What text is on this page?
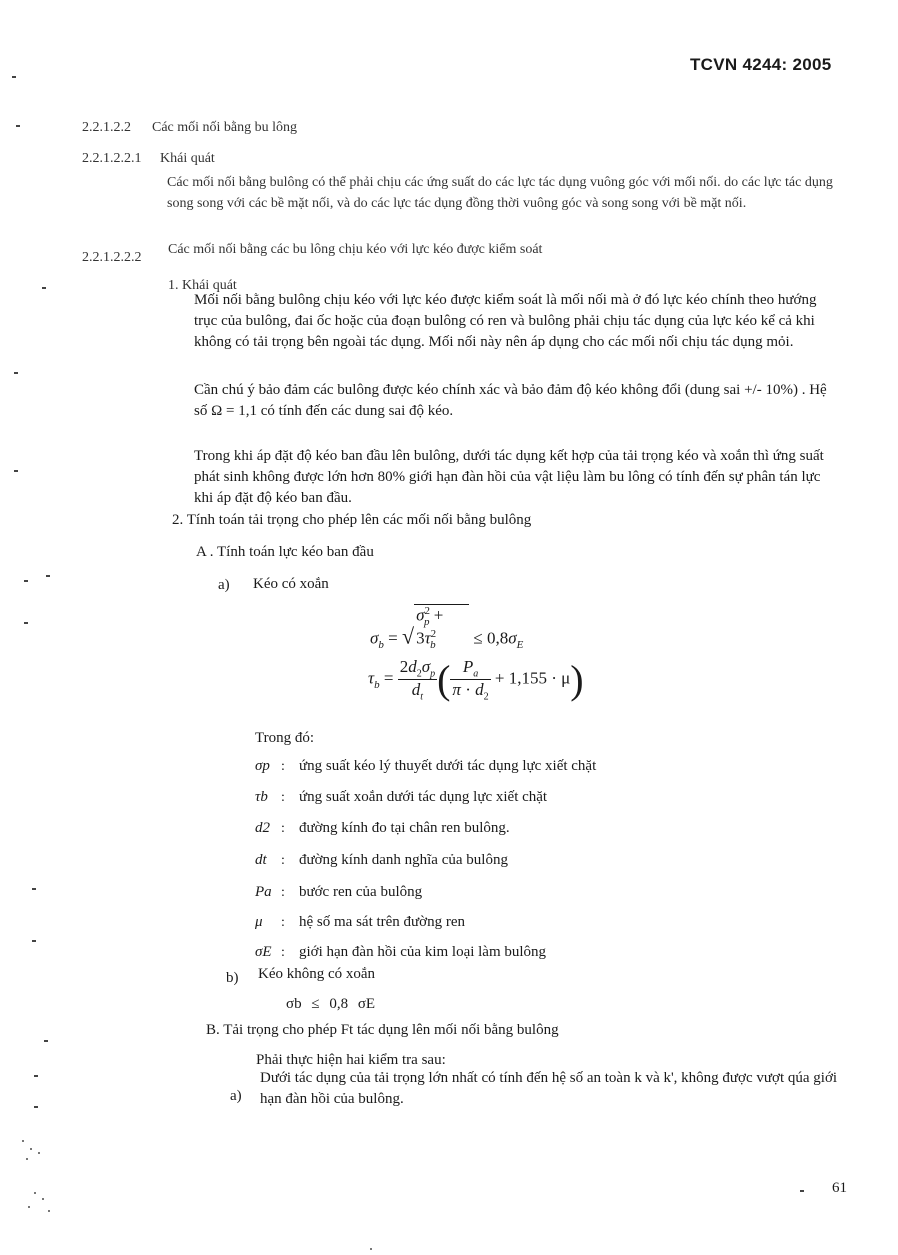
TCVN 4244: 2005
2.2.1.2.2 Các mối nối bằng bu lông
2.2.1.2.2.1 Khái quát
Các mối nối bằng bulông có thể phải chịu các ứng suất do các lực tác dụng vuông góc với mối nối. do các lực tác dụng song song với các bề mặt nối, và do các lực tác dụng đồng thời vuông góc và song song với bề mặt nối.
2.2.1.2.2.2
Các mối nối bằng các bu lông chịu kéo với lực kéo được kiểm soát
1. Khái quát
Mối nối bằng bulông chịu kéo với lực kéo được kiểm soát là mối nối mà ở đó lực kéo chính theo hướng trục của bulông, đai ốc hoặc của đoạn bulông có ren và bulông phải chịu tác dụng của lực kéo kể cả khi không có tải trọng bên ngoài tác dụng. Mối nối này nên áp dụng cho các mối nối chịu tác dụng mỏi.
Cần chú ý bảo đảm các bulông được kéo chính xác và bảo đảm độ kéo không đổi (dung sai +/- 10%) . Hệ số Ω = 1,1 có tính đến các dung sai độ kéo.
Trong khi áp đặt độ kéo ban đầu lên bulông, dưới tác dụng kết hợp của tải trọng kéo và xoắn thì ứng suất phát sinh không được lớn hơn 80% giới hạn đàn hồi của vật liệu làm bu lông có tính đến sự phân tán lực khi áp đặt độ kéo ban đầu.
2. Tính toán tải trọng cho phép lên các mối nối bằng bulông
A . Tính toán lực kéo ban đầu
a) Kéo có xoắn
$\sigma_b = √\sigma^2_p + 3\tau^2_b \le 0,8\sigma_E$
$\tau_b = \frac{2d_2\sigma_p}{d_t}$ ( $\frac{P_a}{\pi \cdot d_2} + 1,155 \cdot \mu$)
Trong đó:
σp : ứng suất kéo lý thuyết dưới tác dụng lực xiết chặt
τb : ứng suất xoắn dưới tác dụng lực xiết chặt
d2 : đường kính đo tại chân ren bulông.
dt	: đường kính danh nghĩa của bulông
Pa : bước ren của bulông
μ	: hệ số ma sát trên đường ren
σE : giới hạn đàn hồi của kim loại làm bulông
b) Kéo không có xoắn
σb ≤ 0,8 σE
B. Tải trọng cho phép Ft tác dụng lên mối nối bằng bulông
Phải thực hiện hai kiểm tra sau:
a)
Dưới tác dụng của tải trọng lớn nhất có tính đến hệ số an toàn k và k', không được vượt qúa giới hạn đàn hồi của bulông.
61
